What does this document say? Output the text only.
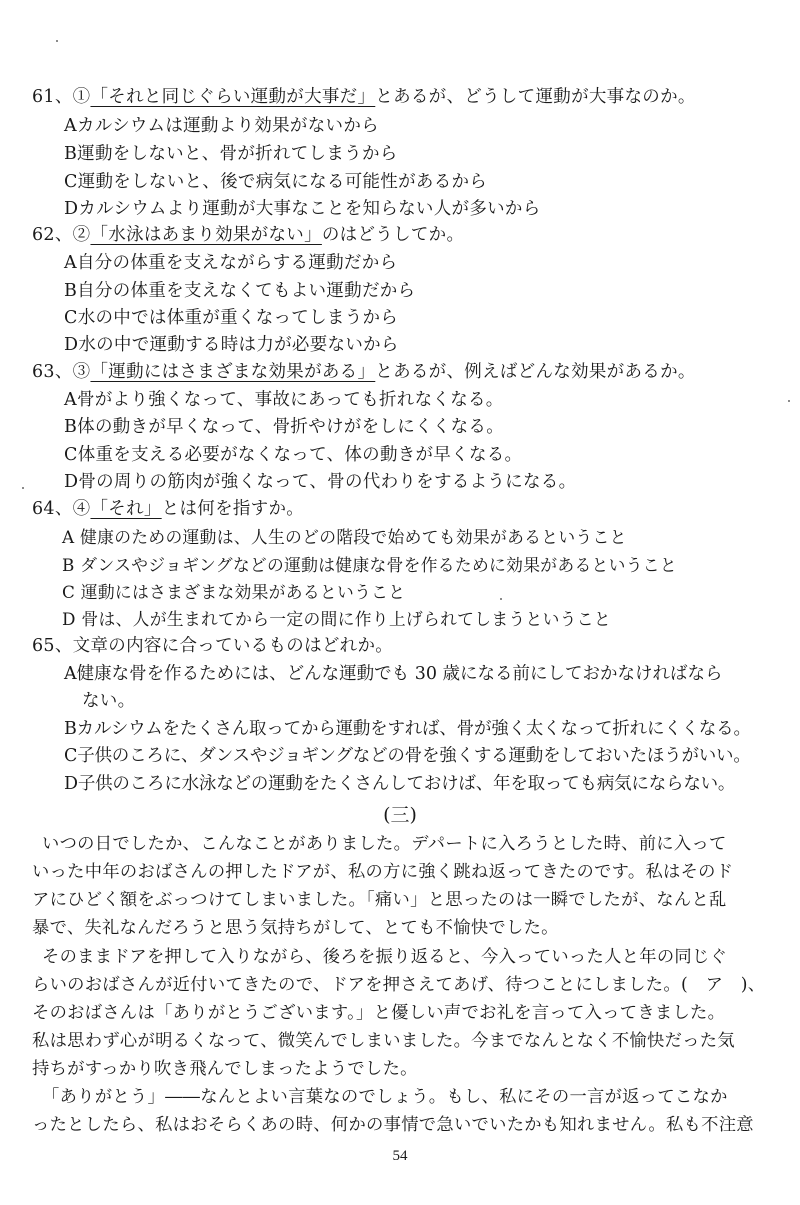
61、①「それと同じぐらい運動が大事だ」とあるが、どうして運動が大事なのか。
Aカルシウムは運動より効果がないから
B運動をしないと、骨が折れてしまうから
C運動をしないと、後で病気になる可能性があるから
Dカルシウムより運動が大事なことを知らない人が多いから
62、②「水泳はあまり効果がない」のはどうしてか。
A自分の体重を支えながらする運動だから
B自分の体重を支えなくてもよい運動だから
C水の中では体重が重くなってしまうから
D水の中で運動する時は力が必要ないから
63、③「運動にはさまざまな効果がある」とあるが、例えばどんな効果があるか。
A骨がより強くなって、事故にあっても折れなくなる。
B体の動きが早くなって、骨折やけがをしにくくなる。
C体重を支える必要がなくなって、体の動きが早くなる。
D骨の周りの筋肉が強くなって、骨の代わりをするようになる。
64、④「それ」とは何を指すか。
A 健康のための運動は、人生のどの階段で始めても効果があるということ
B ダンスやジョギングなどの運動は健康な骨を作るために効果があるということ
C 運動にはさまざまな効果があるということ
D 骨は、人が生まれてから一定の間に作り上げられてしまうということ
65、文章の内容に合っているものはどれか。
A健康な骨を作るためには、どんな運動でも 30 歳になる前にしておかなければなら
ない。
Bカルシウムをたくさん取ってから運動をすれば、骨が強く太くなって折れにくくなる。
C子供のころに、ダンスやジョギングなどの骨を強くする運動をしておいたほうがいい。
D子供のころに水泳などの運動をたくさんしておけば、年を取っても病気にならない。
(三)
いつの日でしたか、こんなことがありました。デパートに入ろうとした時、前に入って
いった中年のおばさんの押したドアが、私の方に強く跳ね返ってきたのです。私はそのド
アにひどく額をぶっつけてしまいました。「痛い」と思ったのは一瞬でしたが、なんと乱
暴で、失礼なんだろうと思う気持ちがして、とても不愉快でした。
そのままドアを押して入りながら、後ろを振り返ると、今入っていった人と年の同じぐ
らいのおばさんが近付いてきたので、ドアを押さえてあげ、待つことにしました。(　ア　)、
そのおばさんは「ありがとうございます。」と優しい声でお礼を言って入ってきました。
私は思わず心が明るくなって、微笑んでしまいました。今までなんとなく不愉快だった気
持ちがすっかり吹き飛んでしまったようでした。
「ありがとう」――なんとよい言葉なのでしょう。もし、私にその一言が返ってこなか
ったとしたら、私はおそらくあの時、何かの事情で急いでいたかも知れません。私も不注意
54
